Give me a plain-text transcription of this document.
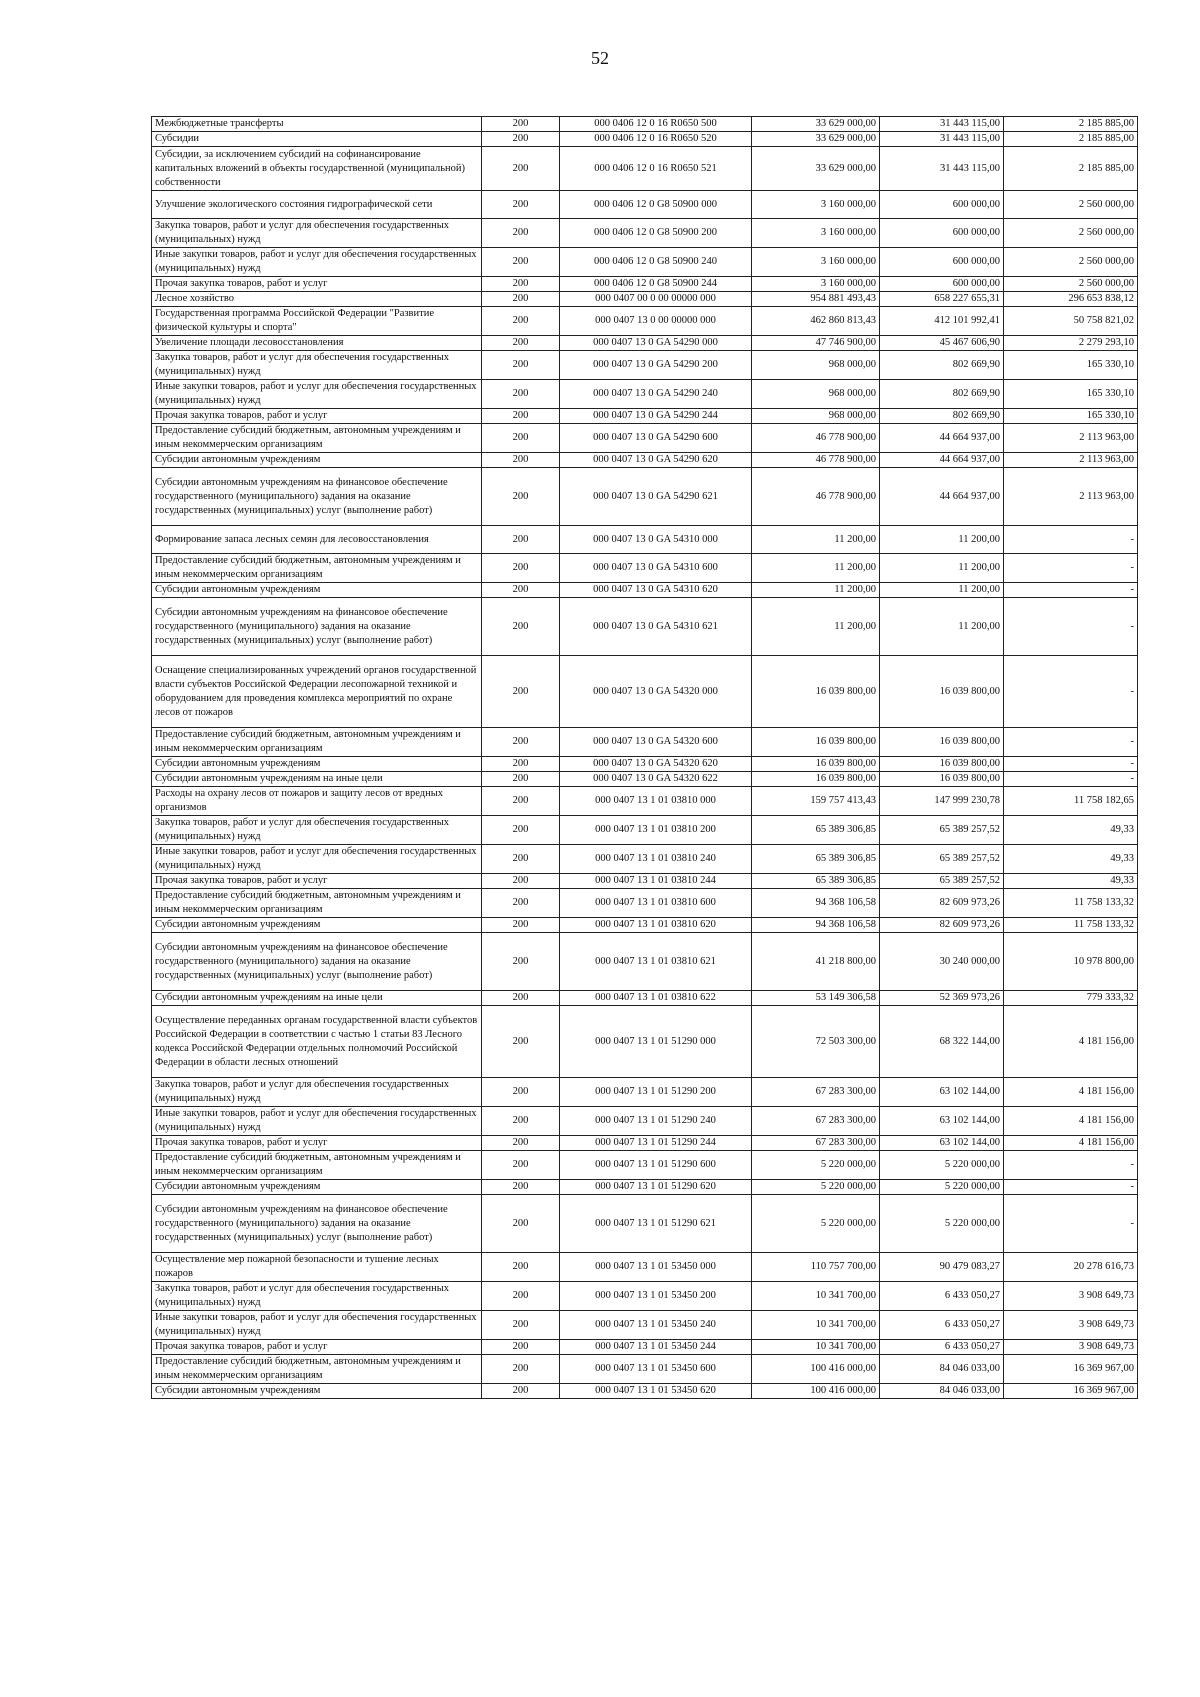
52
Межбюджетные трансферты	200	000 0406 12 0 16 R0650 500	33 629 000,00	31 443 115,00	2 185 885,00
Субсидии	200	000 0406 12 0 16 R0650 520	33 629 000,00	31 443 115,00	2 185 885,00
Субсидии, за исключением субсидий на софинансирование капитальных вложений в объекты государственной (муниципальной) собственности	200	000 0406 12 0 16 R0650 521	33 629 000,00	31 443 115,00	2 185 885,00
Улучшение экологического состояния гидрографической сети	200	000 0406 12 0 G8 50900 000	3 160 000,00	600 000,00	2 560 000,00
Закупка товаров, работ и услуг для обеспечения государственных (муниципальных) нужд	200	000 0406 12 0 G8 50900 200	3 160 000,00	600 000,00	2 560 000,00
Иные закупки товаров, работ и услуг для обеспечения государственных (муниципальных) нужд	200	000 0406 12 0 G8 50900 240	3 160 000,00	600 000,00	2 560 000,00
Прочая закупка товаров, работ и услуг	200	000 0406 12 0 G8 50900 244	3 160 000,00	600 000,00	2 560 000,00
Лесное хозяйство	200	000 0407 00 0 00 00000 000	954 881 493,43	658 227 655,31	296 653 838,12
Государственная программа Российской Федерации "Развитие физической культуры и спорта"	200	000 0407 13 0 00 00000 000	462 860 813,43	412 101 992,41	50 758 821,02
Увеличение площади лесовосстановления	200	000 0407 13 0 GA 54290 000	47 746 900,00	45 467 606,90	2 279 293,10
Закупка товаров, работ и услуг для обеспечения государственных (муниципальных) нужд	200	000 0407 13 0 GA 54290 200	968 000,00	802 669,90	165 330,10
Иные закупки товаров, работ и услуг для обеспечения государственных (муниципальных) нужд	200	000 0407 13 0 GA 54290 240	968 000,00	802 669,90	165 330,10
Прочая закупка товаров, работ и услуг	200	000 0407 13 0 GA 54290 244	968 000,00	802 669,90	165 330,10
Предоставление субсидий бюджетным, автономным учреждениям и иным некоммерческим организациям	200	000 0407 13 0 GA 54290 600	46 778 900,00	44 664 937,00	2 113 963,00
Субсидии автономным учреждениям	200	000 0407 13 0 GA 54290 620	46 778 900,00	44 664 937,00	2 113 963,00
Субсидии автономным учреждениям на финансовое обеспечение государственного (муниципального) задания на оказание государственных (муниципальных) услуг (выполнение работ)	200	000 0407 13 0 GA 54290 621	46 778 900,00	44 664 937,00	2 113 963,00
Формирование запаса лесных семян для лесовосстановления	200	000 0407 13 0 GA 54310 000	11 200,00	11 200,00	-
Предоставление субсидий бюджетным, автономным учреждениям и иным некоммерческим организациям	200	000 0407 13 0 GA 54310 600	11 200,00	11 200,00	-
Субсидии автономным учреждениям	200	000 0407 13 0 GA 54310 620	11 200,00	11 200,00	-
Субсидии автономным учреждениям на финансовое обеспечение государственного (муниципального) задания на оказание государственных (муниципальных) услуг (выполнение работ)	200	000 0407 13 0 GA 54310 621	11 200,00	11 200,00	-
Оснащение специализированных учреждений органов государственной власти субъектов Российской Федерации лесопожарной техникой и оборудованием для проведения комплекса мероприятий по охране лесов от пожаров	200	000 0407 13 0 GA 54320 000	16 039 800,00	16 039 800,00	-
Предоставление субсидий бюджетным, автономным учреждениям и иным некоммерческим организациям	200	000 0407 13 0 GA 54320 600	16 039 800,00	16 039 800,00	-
Субсидии автономным учреждениям	200	000 0407 13 0 GA 54320 620	16 039 800,00	16 039 800,00	-
Субсидии автономным учреждениям на иные цели	200	000 0407 13 0 GA 54320 622	16 039 800,00	16 039 800,00	-
Расходы на охрану лесов от пожаров и защиту лесов от вредных организмов	200	000 0407 13 1 01 03810 000	159 757 413,43	147 999 230,78	11 758 182,65
Закупка товаров, работ и услуг для обеспечения государственных (муниципальных) нужд	200	000 0407 13 1 01 03810 200	65 389 306,85	65 389 257,52	49,33
Иные закупки товаров, работ и услуг для обеспечения государственных (муниципальных) нужд	200	000 0407 13 1 01 03810 240	65 389 306,85	65 389 257,52	49,33
Прочая закупка товаров, работ и услуг	200	000 0407 13 1 01 03810 244	65 389 306,85	65 389 257,52	49,33
Предоставление субсидий бюджетным, автономным учреждениям и иным некоммерческим организациям	200	000 0407 13 1 01 03810 600	94 368 106,58	82 609 973,26	11 758 133,32
Субсидии автономным учреждениям	200	000 0407 13 1 01 03810 620	94 368 106,58	82 609 973,26	11 758 133,32
Субсидии автономным учреждениям на финансовое обеспечение государственного (муниципального) задания на оказание государственных (муниципальных) услуг (выполнение работ)	200	000 0407 13 1 01 03810 621	41 218 800,00	30 240 000,00	10 978 800,00
Субсидии автономным учреждениям на иные цели	200	000 0407 13 1 01 03810 622	53 149 306,58	52 369 973,26	779 333,32
Осуществление переданных органам государственной власти субъектов Российской Федерации в соответствии с частью 1 статьи 83 Лесного кодекса Российской Федерации отдельных полномочий Российской Федерации в области лесных отношений	200	000 0407 13 1 01 51290 000	72 503 300,00	68 322 144,00	4 181 156,00
Закупка товаров, работ и услуг для обеспечения государственных (муниципальных) нужд	200	000 0407 13 1 01 51290 200	67 283 300,00	63 102 144,00	4 181 156,00
Иные закупки товаров, работ и услуг для обеспечения государственных (муниципальных) нужд	200	000 0407 13 1 01 51290 240	67 283 300,00	63 102 144,00	4 181 156,00
Прочая закупка товаров, работ и услуг	200	000 0407 13 1 01 51290 244	67 283 300,00	63 102 144,00	4 181 156,00
Предоставление субсидий бюджетным, автономным учреждениям и иным некоммерческим организациям	200	000 0407 13 1 01 51290 600	5 220 000,00	5 220 000,00	-
Субсидии автономным учреждениям	200	000 0407 13 1 01 51290 620	5 220 000,00	5 220 000,00	-
Субсидии автономным учреждениям на финансовое обеспечение государственного (муниципального) задания на оказание государственных (муниципальных) услуг (выполнение работ)	200	000 0407 13 1 01 51290 621	5 220 000,00	5 220 000,00	-
Осуществление мер пожарной безопасности и тушение лесных пожаров	200	000 0407 13 1 01 53450 000	110 757 700,00	90 479 083,27	20 278 616,73
Закупка товаров, работ и услуг для обеспечения государственных (муниципальных) нужд	200	000 0407 13 1 01 53450 200	10 341 700,00	6 433 050,27	3 908 649,73
Иные закупки товаров, работ и услуг для обеспечения государственных (муниципальных) нужд	200	000 0407 13 1 01 53450 240	10 341 700,00	6 433 050,27	3 908 649,73
Прочая закупка товаров, работ и услуг	200	000 0407 13 1 01 53450 244	10 341 700,00	6 433 050,27	3 908 649,73
Предоставление субсидий бюджетным, автономным учреждениям и иным некоммерческим организациям	200	000 0407 13 1 01 53450 600	100 416 000,00	84 046 033,00	16 369 967,00
Субсидии автономным учреждениям	200	000 0407 13 1 01 53450 620	100 416 000,00	84 046 033,00	16 369 967,00
